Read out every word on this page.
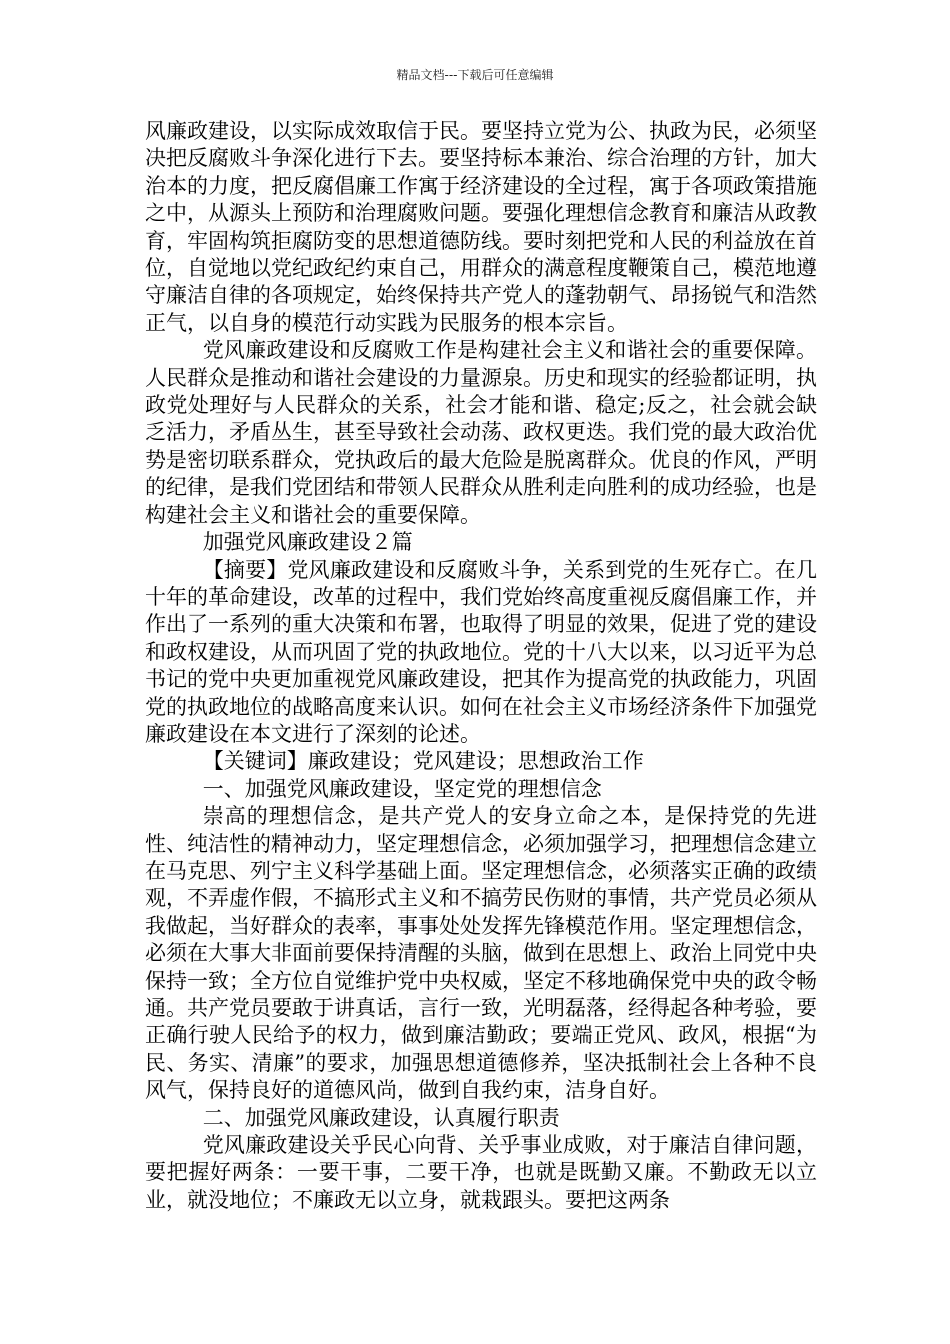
精品文档---下载后可任意编辑

风廉政建设，以实际成效取信于民。要坚持立党为公、执政为民，必须坚决把反腐败斗争深化进行下去。要坚持标本兼治、综合治理的方针，加大治本的力度，把反腐倡廉工作寓于经济建设的全过程，寓于各项政策措施之中，从源头上预防和治理腐败问题。要强化理想信念教育和廉洁从政教育，牢固构筑拒腐防变的思想道德防线。要时刻把党和人民的利益放在首位，自觉地以党纪政纪约束自己，用群众的满意程度鞭策自己，模范地遵守廉洁自律的各项规定，始终保持共产党人的蓬勃朝气、昂扬锐气和浩然正气，以自身的模范行动实践为民服务的根本宗旨。

党风廉政建设和反腐败工作是构建社会主义和谐社会的重要保障。人民群众是推动和谐社会建设的力量源泉。历史和现实的经验都证明，执政党处理好与人民群众的关系，社会才能和谐、稳定;反之，社会就会缺乏活力，矛盾丛生，甚至导致社会动荡、政权更迭。我们党的最大政治优势是密切联系群众，党执政后的最大危险是脱离群众。优良的作风，严明的纪律，是我们党团结和带领人民群众从胜利走向胜利的成功经验，也是构建社会主义和谐社会的重要保障。

加强党风廉政建设２篇

【摘要】党风廉政建设和反腐败斗争，关系到党的生死存亡。在几十年的革命建设，改革的过程中，我们党始终高度重视反腐倡廉工作，并作出了一系列的重大决策和布署，也取得了明显的效果，促进了党的建设和政权建设，从而巩固了党的执政地位。党的十八大以来，以习近平为总书记的党中央更加重视党风廉政建设，把其作为提高党的执政能力，巩固党的执政地位的战略高度来认识。如何在社会主义市场经济条件下加强党廉政建设在本文进行了深刻的论述。

【关键词】廉政建设；党风建设；思想政治工作

一、加强党风廉政建设，坚定党的理想信念

崇高的理想信念，是共产党人的安身立命之本，是保持党的先进性、纯洁性的精神动力，坚定理想信念，必须加强学习，把理想信念建立在马克思、列宁主义科学基础上面。坚定理想信念，必须落实正确的政绩观，不弄虚作假，不搞形式主义和不搞劳民伤财的事情，共产党员必须从我做起，当好群众的表率，事事处处发挥先锋模范作用。坚定理想信念，必须在大事大非面前要保持清醒的头脑，做到在思想上、政治上同党中央保持一致；全方位自觉维护党中央权威，坚定不移地确保党中央的政令畅通。共产党员要敢于讲真话，言行一致，光明磊落，经得起各种考验，要正确行驶人民给予的权力，做到廉洁勤政；要端正党风、政风，根据“为民、务实、清廉”的要求，加强思想道德修养，坚决抵制社会上各种不良风气，保持良好的道德风尚，做到自我约束，洁身自好。

二、加强党风廉政建设，认真履行职责

党风廉政建设关乎民心向背、关乎事业成败，对于廉洁自律问题，要把握好两条：一要干事，二要干净，也就是既勤又廉。不勤政无以立业，就没地位；不廉政无以立身，就栽跟头。要把这两条
